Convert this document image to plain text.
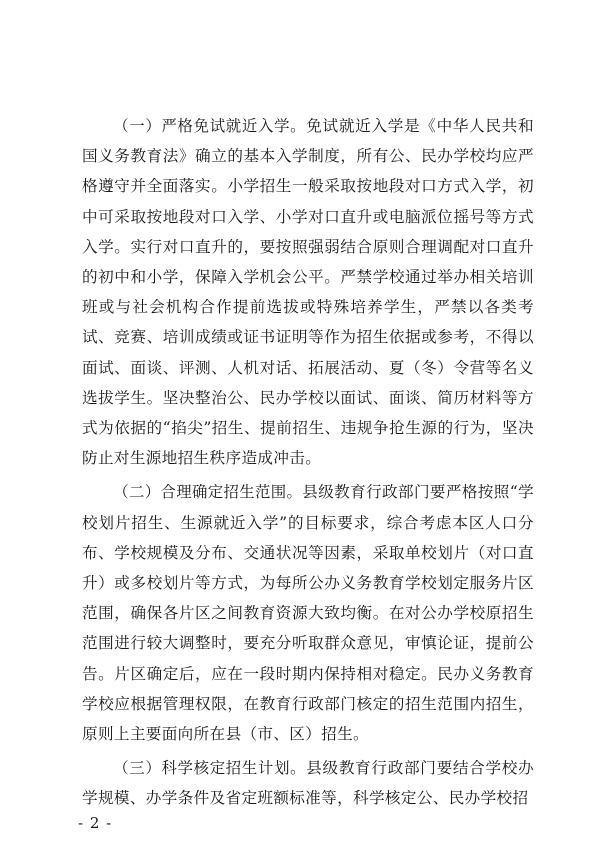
（一）严格免试就近入学。免试就近入学是《中华人民共和国义务教育法》确立的基本入学制度，所有公、民办学校均应严格遵守并全面落实。小学招生一般采取按地段对口方式入学，初中可采取按地段对口入学、小学对口直升或电脑派位摇号等方式入学。实行对口直升的，要按照强弱结合原则合理调配对口直升的初中和小学，保障入学机会公平。严禁学校通过举办相关培训班或与社会机构合作提前选拔或特殊培养学生，严禁以各类考试、竞赛、培训成绩或证书证明等作为招生依据或参考，不得以面试、面谈、评测、人机对话、拓展活动、夏（冬）令营等名义选拔学生。坚决整治公、民办学校以面试、面谈、简历材料等方式为依据的“掐尖”招生、提前招生、违规争抢生源的行为，坚决防止对生源地招生秩序造成冲击。

（二）合理确定招生范围。县级教育行政部门要严格按照“学校划片招生、生源就近入学”的目标要求，综合考虑本区人口分布、学校规模及分布、交通状况等因素，采取单校划片（对口直升）或多校划片等方式，为每所公办义务教育学校划定服务片区范围，确保各片区之间教育资源大致均衡。在对公办学校原招生范围进行较大调整时，要充分听取群众意见，审慎论证，提前公告。片区确定后，应在一段时期内保持相对稳定。民办义务教育学校应根据管理权限，在教育行政部门核定的招生范围内招生，原则上主要面向所在县（市、区）招生。

（三）科学核定招生计划。县级教育行政部门要结合学校办学规模、办学条件及省定班额标准等，科学核定公、民办学校招

- 2 -
